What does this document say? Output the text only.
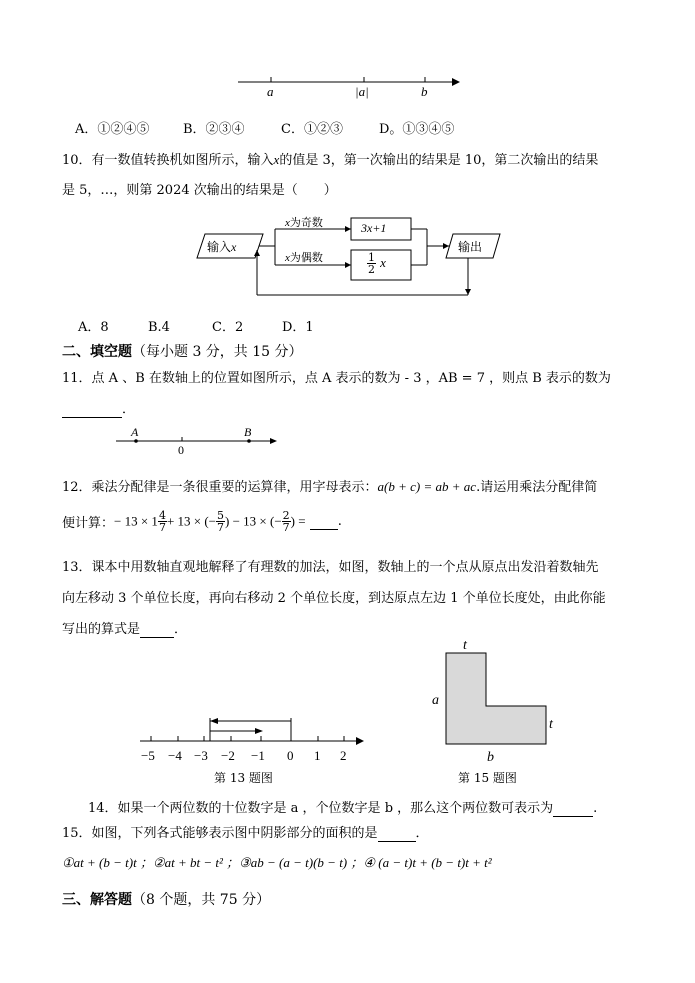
a	|a|	b
A．①②④⑤	B．②③④	C．①②③	D。①③④⑤
10．有一数值转换机如图所示，输入x的值是 3，第一次输出的结果是 10，第二次输出的结果
是 5，…，则第 2024 次输出的结果是（　　）
输入x
x为奇数
x为偶数
3x+1
$\frac{1}{2}$ x
输出
A．8	B.4	C．2	D．1
二、填空题（每小题 3 分，共 15 分）
11．点 A 、B 在数轴上的位置如图所示，点 A 表示的数为 - 3 ，AB = 7 ，则点 B 表示的数为
．
A
0
B
12．乘法分配律是一条很重要的运算律，用字母表示：a(b + c) = ab + ac.请运用乘法分配律简
便计算：− $13 \times 1 \frac{4}{7} + 13$ × (− $\frac{5}{7}$ ) − 13 × (− $\frac{2}{7}$ ) = .
13．课本中用数轴直观地解释了有理数的加法，如图，数轴上的一个点从原点出发沿着数轴先
向左移动 3 个单位长度，再向右移动 2 个单位长度，到达原点左边 1 个单位长度处，由此你能
写出的算式是	．
−5 −4 −3 −2 −1 0 1 2
第 13 题图
t
a
t
b
第 15 题图
14．如果一个两位数的十位数字是 a ，个位数字是 b ，那么这个两位数可表示为	.
15．如图，下列各式能够表示图中阴影部分的面积的是	．
①at + (b − t)t ；②at + bt − t² ；③ab − (a − t)(b − t) ；④ (a − t)t + (b − t)t + t²
三、解答题（8 个题，共 75 分）
